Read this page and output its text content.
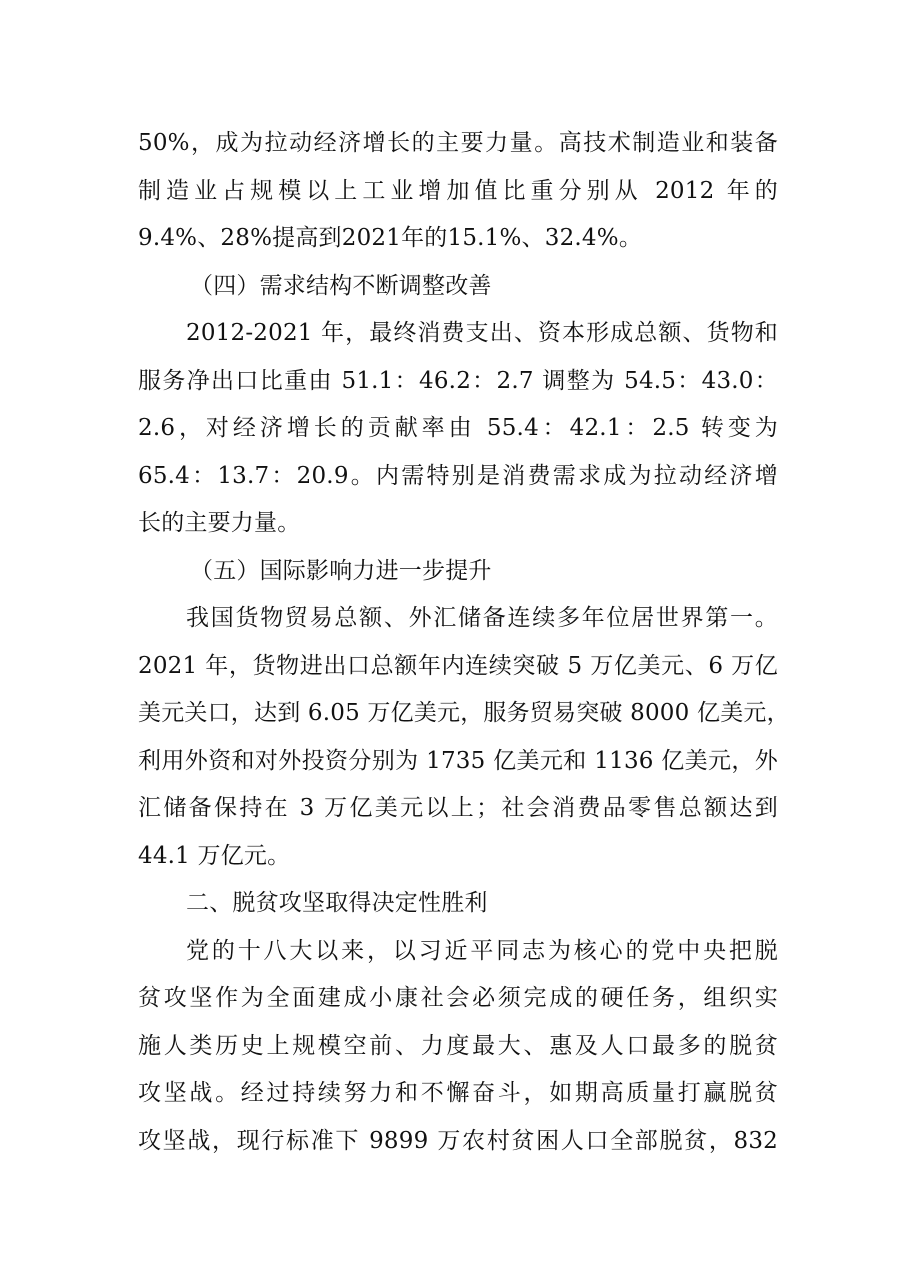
50%，成为拉动经济增长的主要力量。高技术制造业和装备
制造业占规模以上工业增加值比重分别从 2012 年的
9.4%、28%提高到2021年的15.1%、32.4%。
（四）需求结构不断调整改善
2012-2021 年，最终消费支出、资本形成总额、货物和
服务净出口比重由 51.1：46.2：2.7 调整为 54.5：43.0：
2.6，对经济增长的贡献率由 55.4：42.1：2.5 转变为
65.4：13.7：20.9。内需特别是消费需求成为拉动经济增
长的主要力量。
（五）国际影响力进一步提升
我国货物贸易总额、外汇储备连续多年位居世界第一。
2021 年，货物进出口总额年内连续突破 5 万亿美元、6 万亿
美元关口，达到 6.05 万亿美元，服务贸易突破 8000 亿美元，
利用外资和对外投资分别为 1735 亿美元和 1136 亿美元，外
汇储备保持在 3 万亿美元以上；社会消费品零售总额达到
44.1 万亿元。
二、脱贫攻坚取得决定性胜利
党的十八大以来，以习近平同志为核心的党中央把脱
贫攻坚作为全面建成小康社会必须完成的硬任务，组织实
施人类历史上规模空前、力度最大、惠及人口最多的脱贫
攻坚战。经过持续努力和不懈奋斗，如期高质量打赢脱贫
攻坚战，现行标准下 9899 万农村贫困人口全部脱贫，832
